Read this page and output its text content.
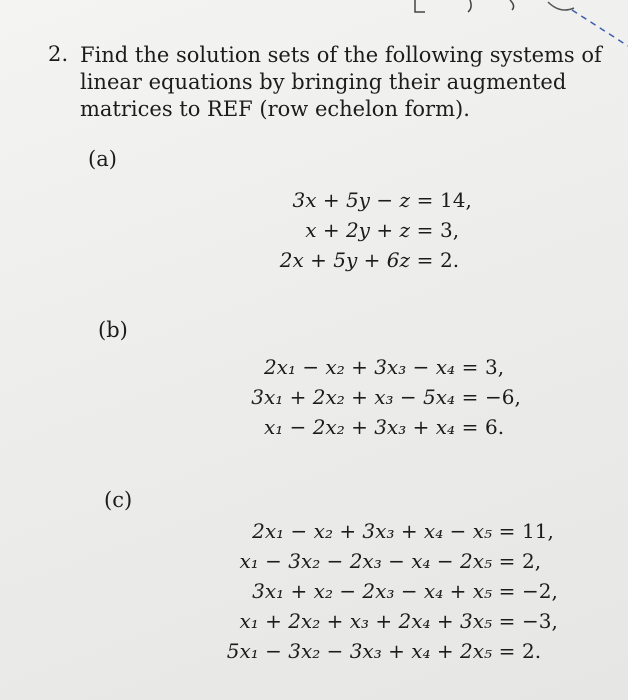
2. Find the solution sets of the following systems of linear equations by bringing their augmented matrices to REF (row echelon form).
(a)
3x + 5y − z = 14,
x + 2y + z = 3,
2x + 5y + 6z = 2.
(b)
2x₁ − x₂ + 3x₃ − x₄ = 3,
3x₁ + 2x₂ + x₃ − 5x₄ = −6,
x₁ − 2x₂ + 3x₃ + x₄ = 6.
(c)
2x₁ − x₂ + 3x₃ + x₄ − x₅ = 11,
x₁ − 3x₂ − 2x₃ − x₄ − 2x₅ = 2,
3x₁ + x₂ − 2x₃ − x₄ + x₅ = −2,
x₁ + 2x₂ + x₃ + 2x₄ + 3x₅ = −3,
5x₁ − 3x₂ − 3x₃ + x₄ + 2x₅ = 2.
